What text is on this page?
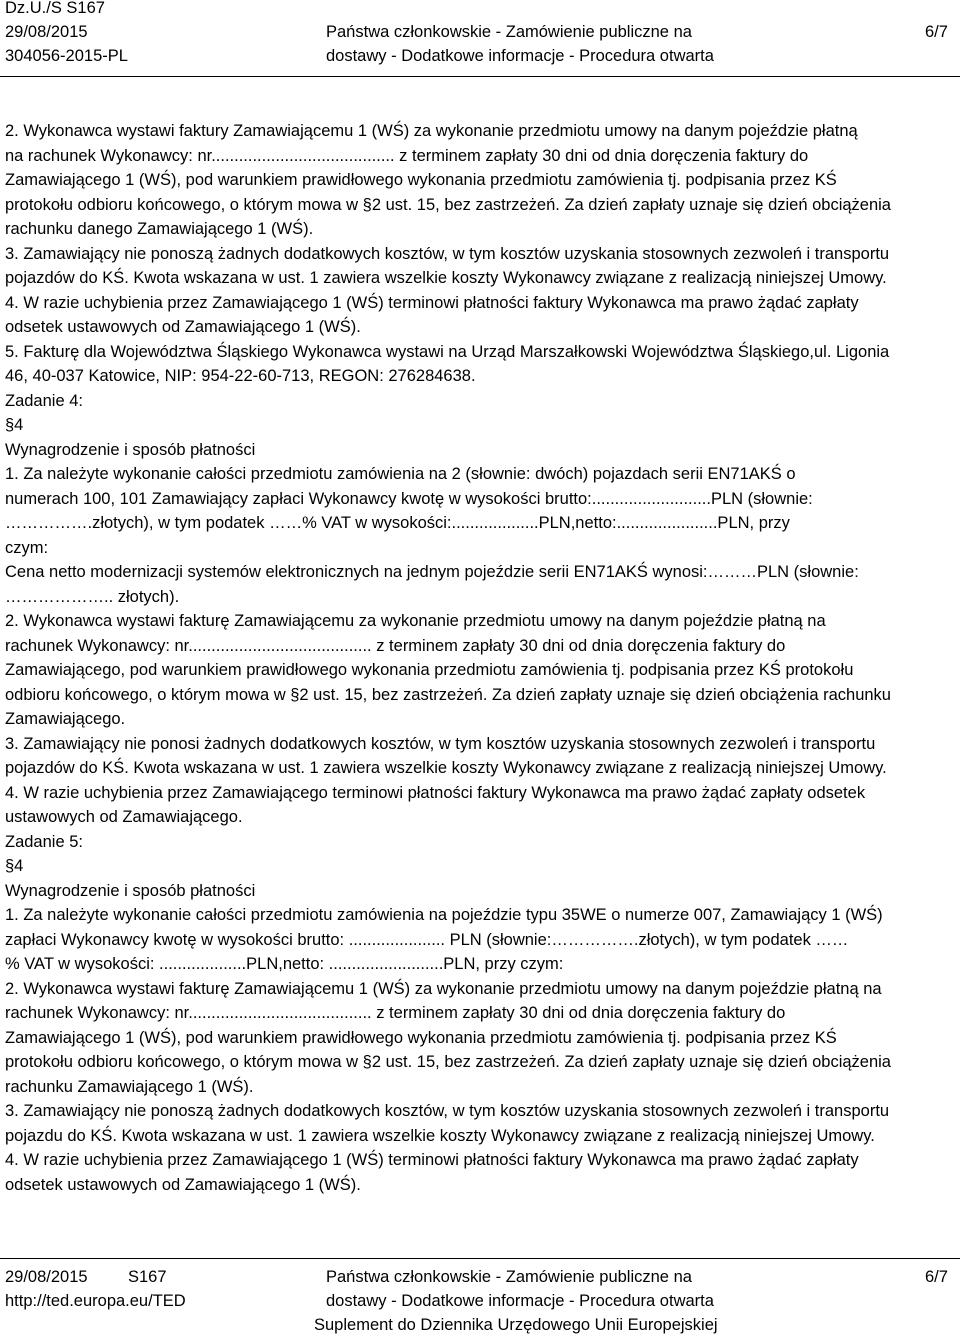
Dz.U./S S167
29/08/2015
304056-2015-PL
Państwa członkowskie - Zamówienie publiczne na
dostawy - Dodatkowe informacje - Procedura otwarta
6/7
2. Wykonawca wystawi faktury Zamawiającemu 1 (WŚ) za wykonanie przedmiotu umowy na danym pojeździe płatną
na rachunek Wykonawcy: nr........................................ z terminem zapłaty 30 dni od dnia doręczenia faktury do
Zamawiającego 1 (WŚ), pod warunkiem prawidłowego wykonania przedmiotu zamówienia tj. podpisania przez KŚ
protokołu odbioru końcowego, o którym mowa w §2 ust. 15, bez zastrzeżeń. Za dzień zapłaty uznaje się dzień obciążenia
rachunku danego Zamawiającego 1 (WŚ).
3. Zamawiający nie ponoszą żadnych dodatkowych kosztów, w tym kosztów uzyskania stosownych zezwoleń i transportu
pojazdów do KŚ. Kwota wskazana w ust. 1 zawiera wszelkie koszty Wykonawcy związane z realizacją niniejszej Umowy.
4. W razie uchybienia przez Zamawiającego 1 (WŚ) terminowi płatności faktury Wykonawca ma prawo żądać zapłaty
odsetek ustawowych od Zamawiającego 1 (WŚ).
5. Fakturę dla Województwa Śląskiego Wykonawca wystawi na Urząd Marszałkowski Województwa Śląskiego,ul. Ligonia
46, 40-037 Katowice, NIP: 954-22-60-713, REGON: 276284638.
Zadanie 4:
§4
Wynagrodzenie i sposób płatności
1. Za należyte wykonanie całości przedmiotu zamówienia na 2 (słownie: dwóch) pojazdach serii EN71AKŚ o
numerach 100, 101 Zamawiający zapłaci Wykonawcy kwotę w wysokości brutto:..........................PLN (słownie:
…………….złotych), w tym podatek ……% VAT w wysokości:...................PLN,netto:......................PLN, przy
czym:
Cena netto modernizacji systemów elektronicznych na jednym pojeździe serii EN71AKŚ wynosi:………PLN (słownie:
……………….. złotych).
2. Wykonawca wystawi fakturę Zamawiającemu za wykonanie przedmiotu umowy na danym pojeździe płatną na
rachunek Wykonawcy: nr........................................ z terminem zapłaty 30 dni od dnia doręczenia faktury do
Zamawiającego, pod warunkiem prawidłowego wykonania przedmiotu zamówienia tj. podpisania przez KŚ protokołu
odbioru końcowego, o którym mowa w §2 ust. 15, bez zastrzeżeń. Za dzień zapłaty uznaje się dzień obciążenia rachunku
Zamawiającego.
3. Zamawiający nie ponosi żadnych dodatkowych kosztów, w tym kosztów uzyskania stosownych zezwoleń i transportu
pojazdów do KŚ. Kwota wskazana w ust. 1 zawiera wszelkie koszty Wykonawcy związane z realizacją niniejszej Umowy.
4. W razie uchybienia przez Zamawiającego terminowi płatności faktury Wykonawca ma prawo żądać zapłaty odsetek
ustawowych od Zamawiającego.
Zadanie 5:
§4
Wynagrodzenie i sposób płatności
1. Za należyte wykonanie całości przedmiotu zamówienia na pojeździe typu 35WE o numerze 007, Zamawiający 1 (WŚ)
zapłaci Wykonawcy kwotę w wysokości brutto: ..................... PLN (słownie:…………….złotych), w tym podatek ……
% VAT w wysokości: ...................PLN,netto: .........................PLN, przy czym:
2. Wykonawca wystawi fakturę Zamawiającemu 1 (WŚ) za wykonanie przedmiotu umowy na danym pojeździe płatną na
rachunek Wykonawcy: nr........................................ z terminem zapłaty 30 dni od dnia doręczenia faktury do
Zamawiającego 1 (WŚ), pod warunkiem prawidłowego wykonania przedmiotu zamówienia tj. podpisania przez KŚ
protokołu odbioru końcowego, o którym mowa w §2 ust. 15, bez zastrzeżeń. Za dzień zapłaty uznaje się dzień obciążenia
rachunku Zamawiającego 1 (WŚ).
3. Zamawiający nie ponoszą żadnych dodatkowych kosztów, w tym kosztów uzyskania stosownych zezwoleń i transportu
pojazdu do KŚ. Kwota wskazana w ust. 1 zawiera wszelkie koszty Wykonawcy związane z realizacją niniejszej Umowy.
4. W razie uchybienia przez Zamawiającego 1 (WŚ) terminowi płatności faktury Wykonawca ma prawo żądać zapłaty
odsetek ustawowych od Zamawiającego 1 (WŚ).
29/08/2015 S167
http://ted.europa.eu/TED
Państwa członkowskie - Zamówienie publiczne na
dostawy - Dodatkowe informacje - Procedura otwarta
Suplement do Dziennika Urzędowego Unii Europejskiej
6/7
